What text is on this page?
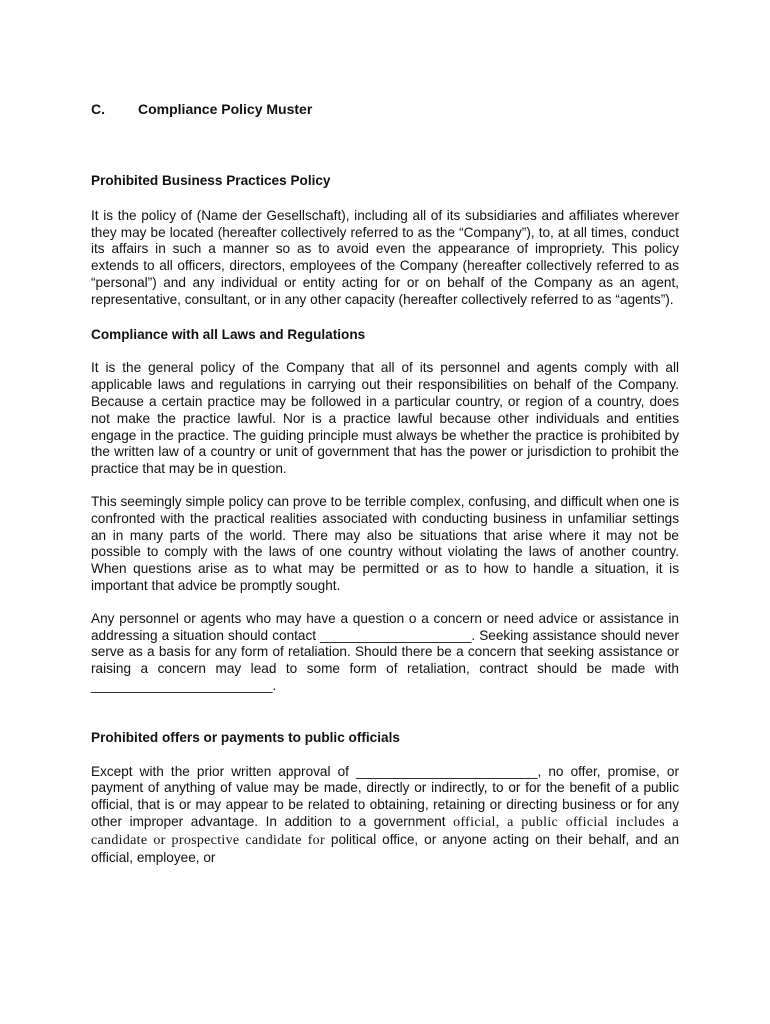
C. Compliance Policy Muster

Prohibited Business Practices Policy

It is the policy of (Name der Gesellschaft), including all of its subsidiaries and affiliates wherever they may be located (hereafter collectively referred to as the “Company”), to, at all times, conduct its affairs in such a manner so as to avoid even the appearance of impropriety. This policy extends to all officers, directors, employees of the Company (hereafter collectively referred to as “personal”) and any individual or entity acting for or on behalf of the Company as an agent, representative, consultant, or in any other capacity (hereafter collectively referred to as “agents”).

Compliance with all Laws and Regulations

It is the general policy of the Company that all of its personnel and agents comply with all applicable laws and regulations in carrying out their responsibilities on behalf of the Company. Because a certain practice may be followed in a particular country, or region of a country, does not make the practice lawful. Nor is a practice lawful because other individuals and entities engage in the practice. The guiding principle must always be whether the practice is prohibited by the written law of a country or unit of government that has the power or jurisdiction to prohibit the practice that may be in question.

This seemingly simple policy can prove to be terrible complex, confusing, and difficult when one is confronted with the practical realities associated with conducting business in unfamiliar settings an in many parts of the world. There may also be situations that arise where it may not be possible to comply with the laws of one country without violating the laws of another country. When questions arise as to what may be permitted or as to how to handle a situation, it is important that advice be promptly sought.

Any personnel or agents who may have a question o a concern or need advice or assistance in addressing a situation should contact ____________________. Seeking assistance should never serve as a basis for any form of retaliation. Should there be a concern that seeking assistance or raising a concern may lead to some form of retaliation, contract should be made with ________________________.

Prohibited offers or payments to public officials

Except with the prior written approval of ________________________, no offer, promise, or payment of anything of value may be made, directly or indirectly, to or for the benefit of a public official, that is or may appear to be related to obtaining, retaining or directing business or for any other improper advantage. In addition to a government official, a public official includes a candidate or prospective candidate for political office, or anyone acting on their behalf, and an official, employee, or
